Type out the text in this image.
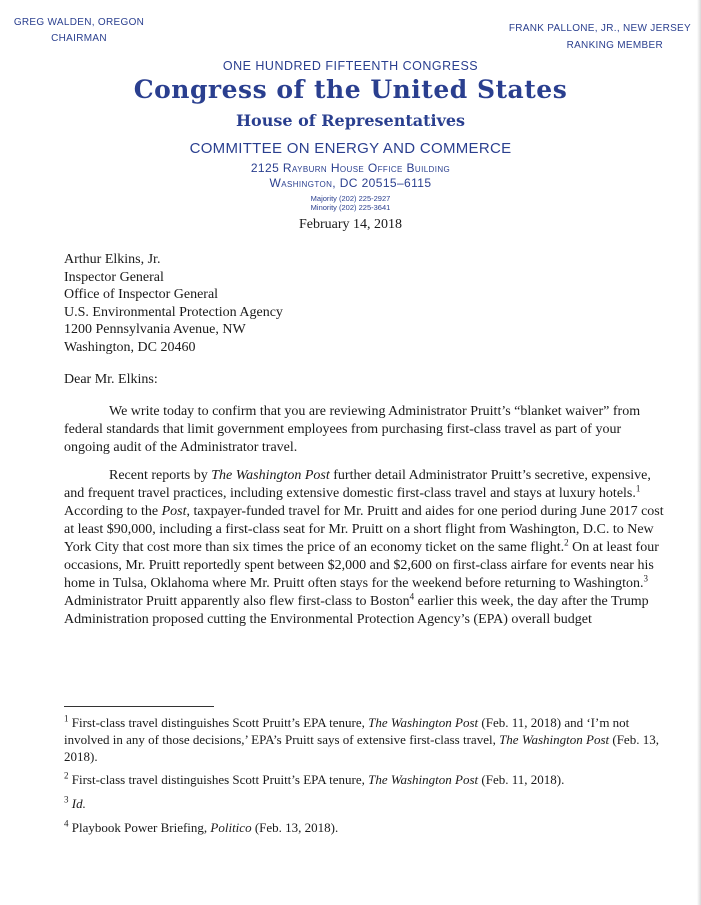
GREG WALDEN, OREGON
CHAIRMAN
FRANK PALLONE, JR., NEW JERSEY
RANKING MEMBER
ONE HUNDRED FIFTEENTH CONGRESS
Congress of the United States
House of Representatives
COMMITTEE ON ENERGY AND COMMERCE
2125 Rayburn House Office Building
Washington, DC 20515–6115
Majority (202) 225-2927
Minority (202) 225-3641
February 14, 2018
Arthur Elkins, Jr.
Inspector General
Office of Inspector General
U.S. Environmental Protection Agency
1200 Pennsylvania Avenue, NW
Washington, DC 20460
Dear Mr. Elkins:

We write today to confirm that you are reviewing Administrator Pruitt’s “blanket waiver” from federal standards that limit government employees from purchasing first-class travel as part of your ongoing audit of the Administrator travel.

Recent reports by The Washington Post further detail Administrator Pruitt’s secretive, expensive, and frequent travel practices, including extensive domestic first-class travel and stays at luxury hotels.$^1$ According to the Post, taxpayer-funded travel for Mr. Pruitt and aides for one period during June 2017 cost at least $90,000, including a first-class seat for Mr. Pruitt on a short flight from Washington, D.C. to New York City that cost more than six times the price of an economy ticket on the same flight.$^2$ On at least four occasions, Mr. Pruitt reportedly spent between $2,000 and $2,600 on first-class airfare for events near his home in Tulsa, Oklahoma where Mr. Pruitt often stays for the weekend before returning to Washington.$^3$ Administrator Pruitt apparently also flew first-class to Boston$^4$ earlier this week, the day after the Trump Administration proposed cutting the Environmental Protection Agency’s (EPA) overall budget

$^1$ First-class travel distinguishes Scott Pruitt’s EPA tenure, The Washington Post (Feb. 11, 2018) and ‘I’m not involved in any of those decisions,’ EPA’s Pruitt says of extensive first-class travel, The Washington Post (Feb. 13, 2018).
$^2$ First-class travel distinguishes Scott Pruitt’s EPA tenure, The Washington Post (Feb. 11, 2018).
$^3$ Id.
$^4$ Playbook Power Briefing, Politico (Feb. 13, 2018).
